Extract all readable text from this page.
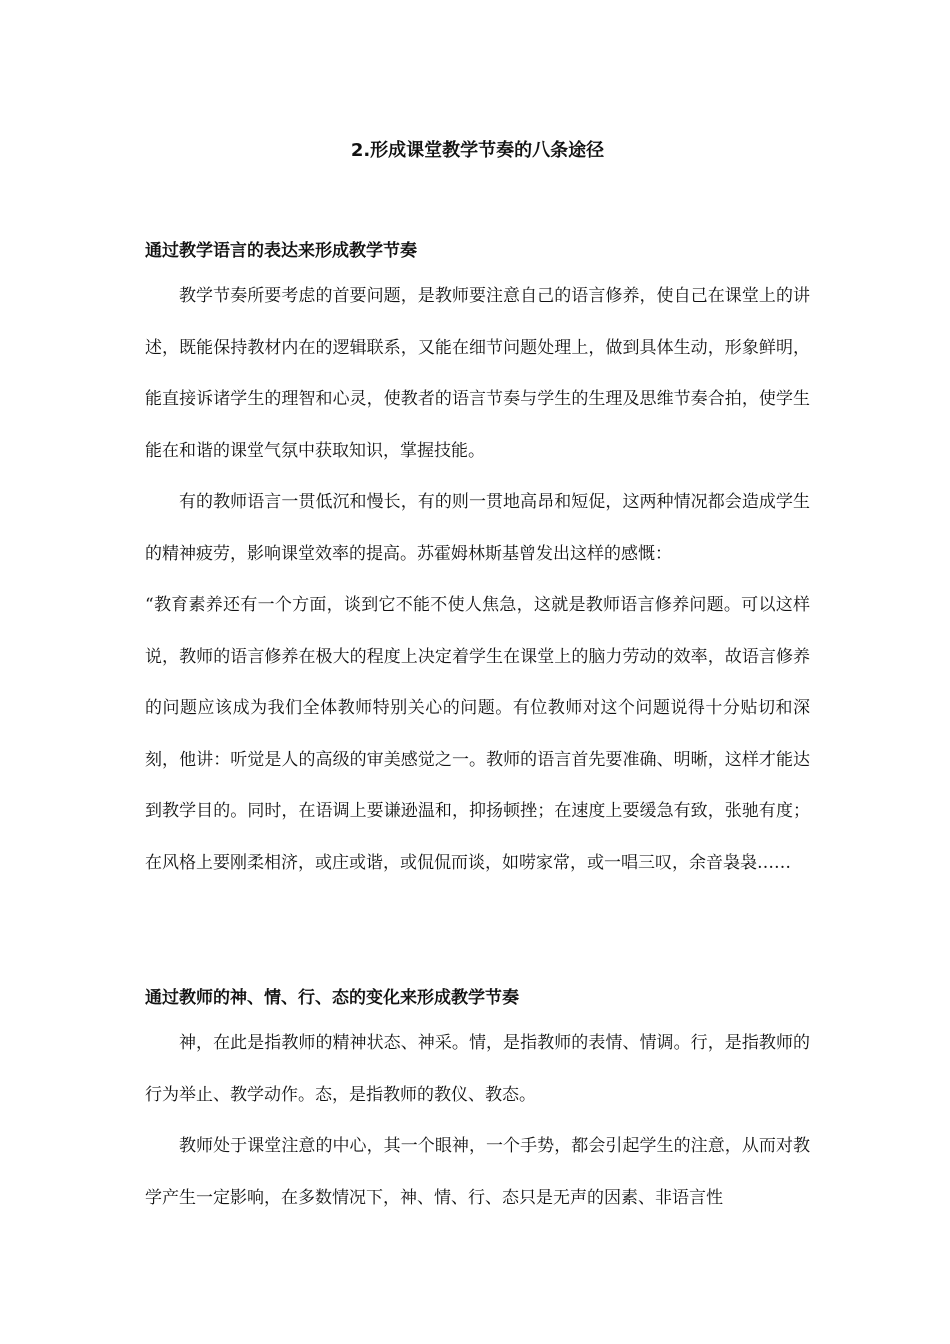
2.形成课堂教学节奏的八条途径
通过教学语言的表达来形成教学节奏

教学节奏所要考虑的首要问题，是教师要注意自己的语言修养，使自己在课堂上的讲述，既能保持教材内在的逻辑联系，又能在细节问题处理上，做到具体生动，形象鲜明，能直接诉诸学生的理智和心灵，使教者的语言节奏与学生的生理及思维节奏合拍，使学生能在和谐的课堂气氛中获取知识，掌握技能。

有的教师语言一贯低沉和慢长，有的则一贯地高昂和短促，这两种情况都会造成学生的精神疲劳，影响课堂效率的提高。苏霍姆林斯基曾发出这样的感慨：

“教育素养还有一个方面，谈到它不能不使人焦急，这就是教师语言修养问题。可以这样说，教师的语言修养在极大的程度上决定着学生在课堂上的脑力劳动的效率，故语言修养的问题应该成为我们全体教师特别关心的问题。有位教师对这个问题说得十分贴切和深刻，他讲：听觉是人的高级的审美感觉之一。教师的语言首先要准确、明晰，这样才能达到教学目的。同时，在语调上要谦逊温和，抑扬顿挫；在速度上要缓急有致，张驰有度；在风格上要刚柔相济，或庄或谐，或侃侃而谈，如唠家常，或一唱三叹，余音袅袅……

通过教师的神、情、行、态的变化来形成教学节奏

神，在此是指教师的精神状态、神采。情，是指教师的表情、情调。行，是指教师的行为举止、教学动作。态，是指教师的教仪、教态。

教师处于课堂注意的中心，其一个眼神，一个手势，都会引起学生的注意，从而对教学产生一定影响，在多数情况下，神、情、行、态只是无声的因素、非语言性
